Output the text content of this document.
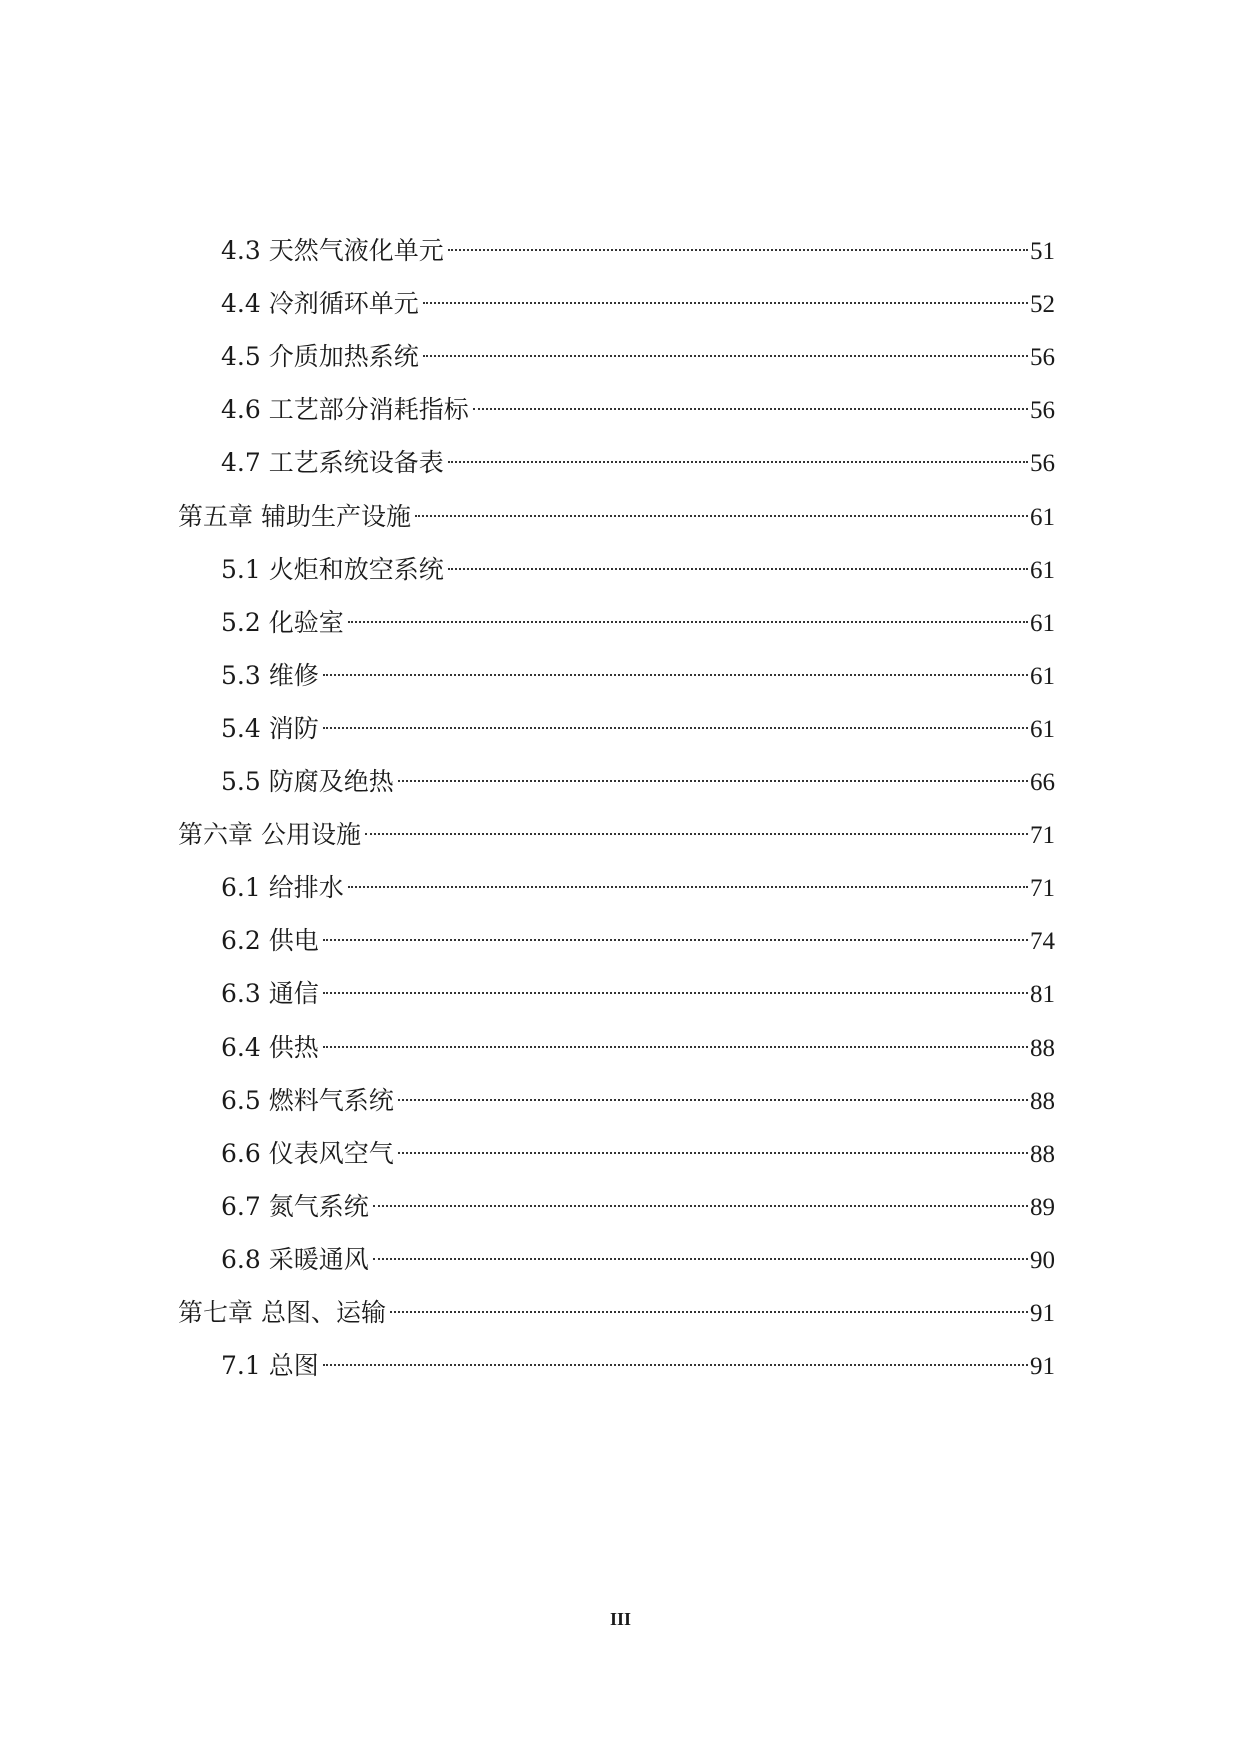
4.3 天然气液化单元	51
4.4 冷剂循环单元	52
4.5 介质加热系统	56
4.6 工艺部分消耗指标	56
4.7 工艺系统设备表	56
第五章 辅助生产设施	61
5.1 火炬和放空系统	61
5.2 化验室	61
5.3 维修	61
5.4 消防	61
5.5 防腐及绝热	66
第六章 公用设施	71
6.1 给排水	71
6.2 供电	74
6.3 通信	81
6.4 供热	88
6.5 燃料气系统	88
6.6 仪表风空气	88
6.7 氮气系统	89
6.8 采暖通风	90
第七章 总图、运输	91
7.1 总图	91
III
